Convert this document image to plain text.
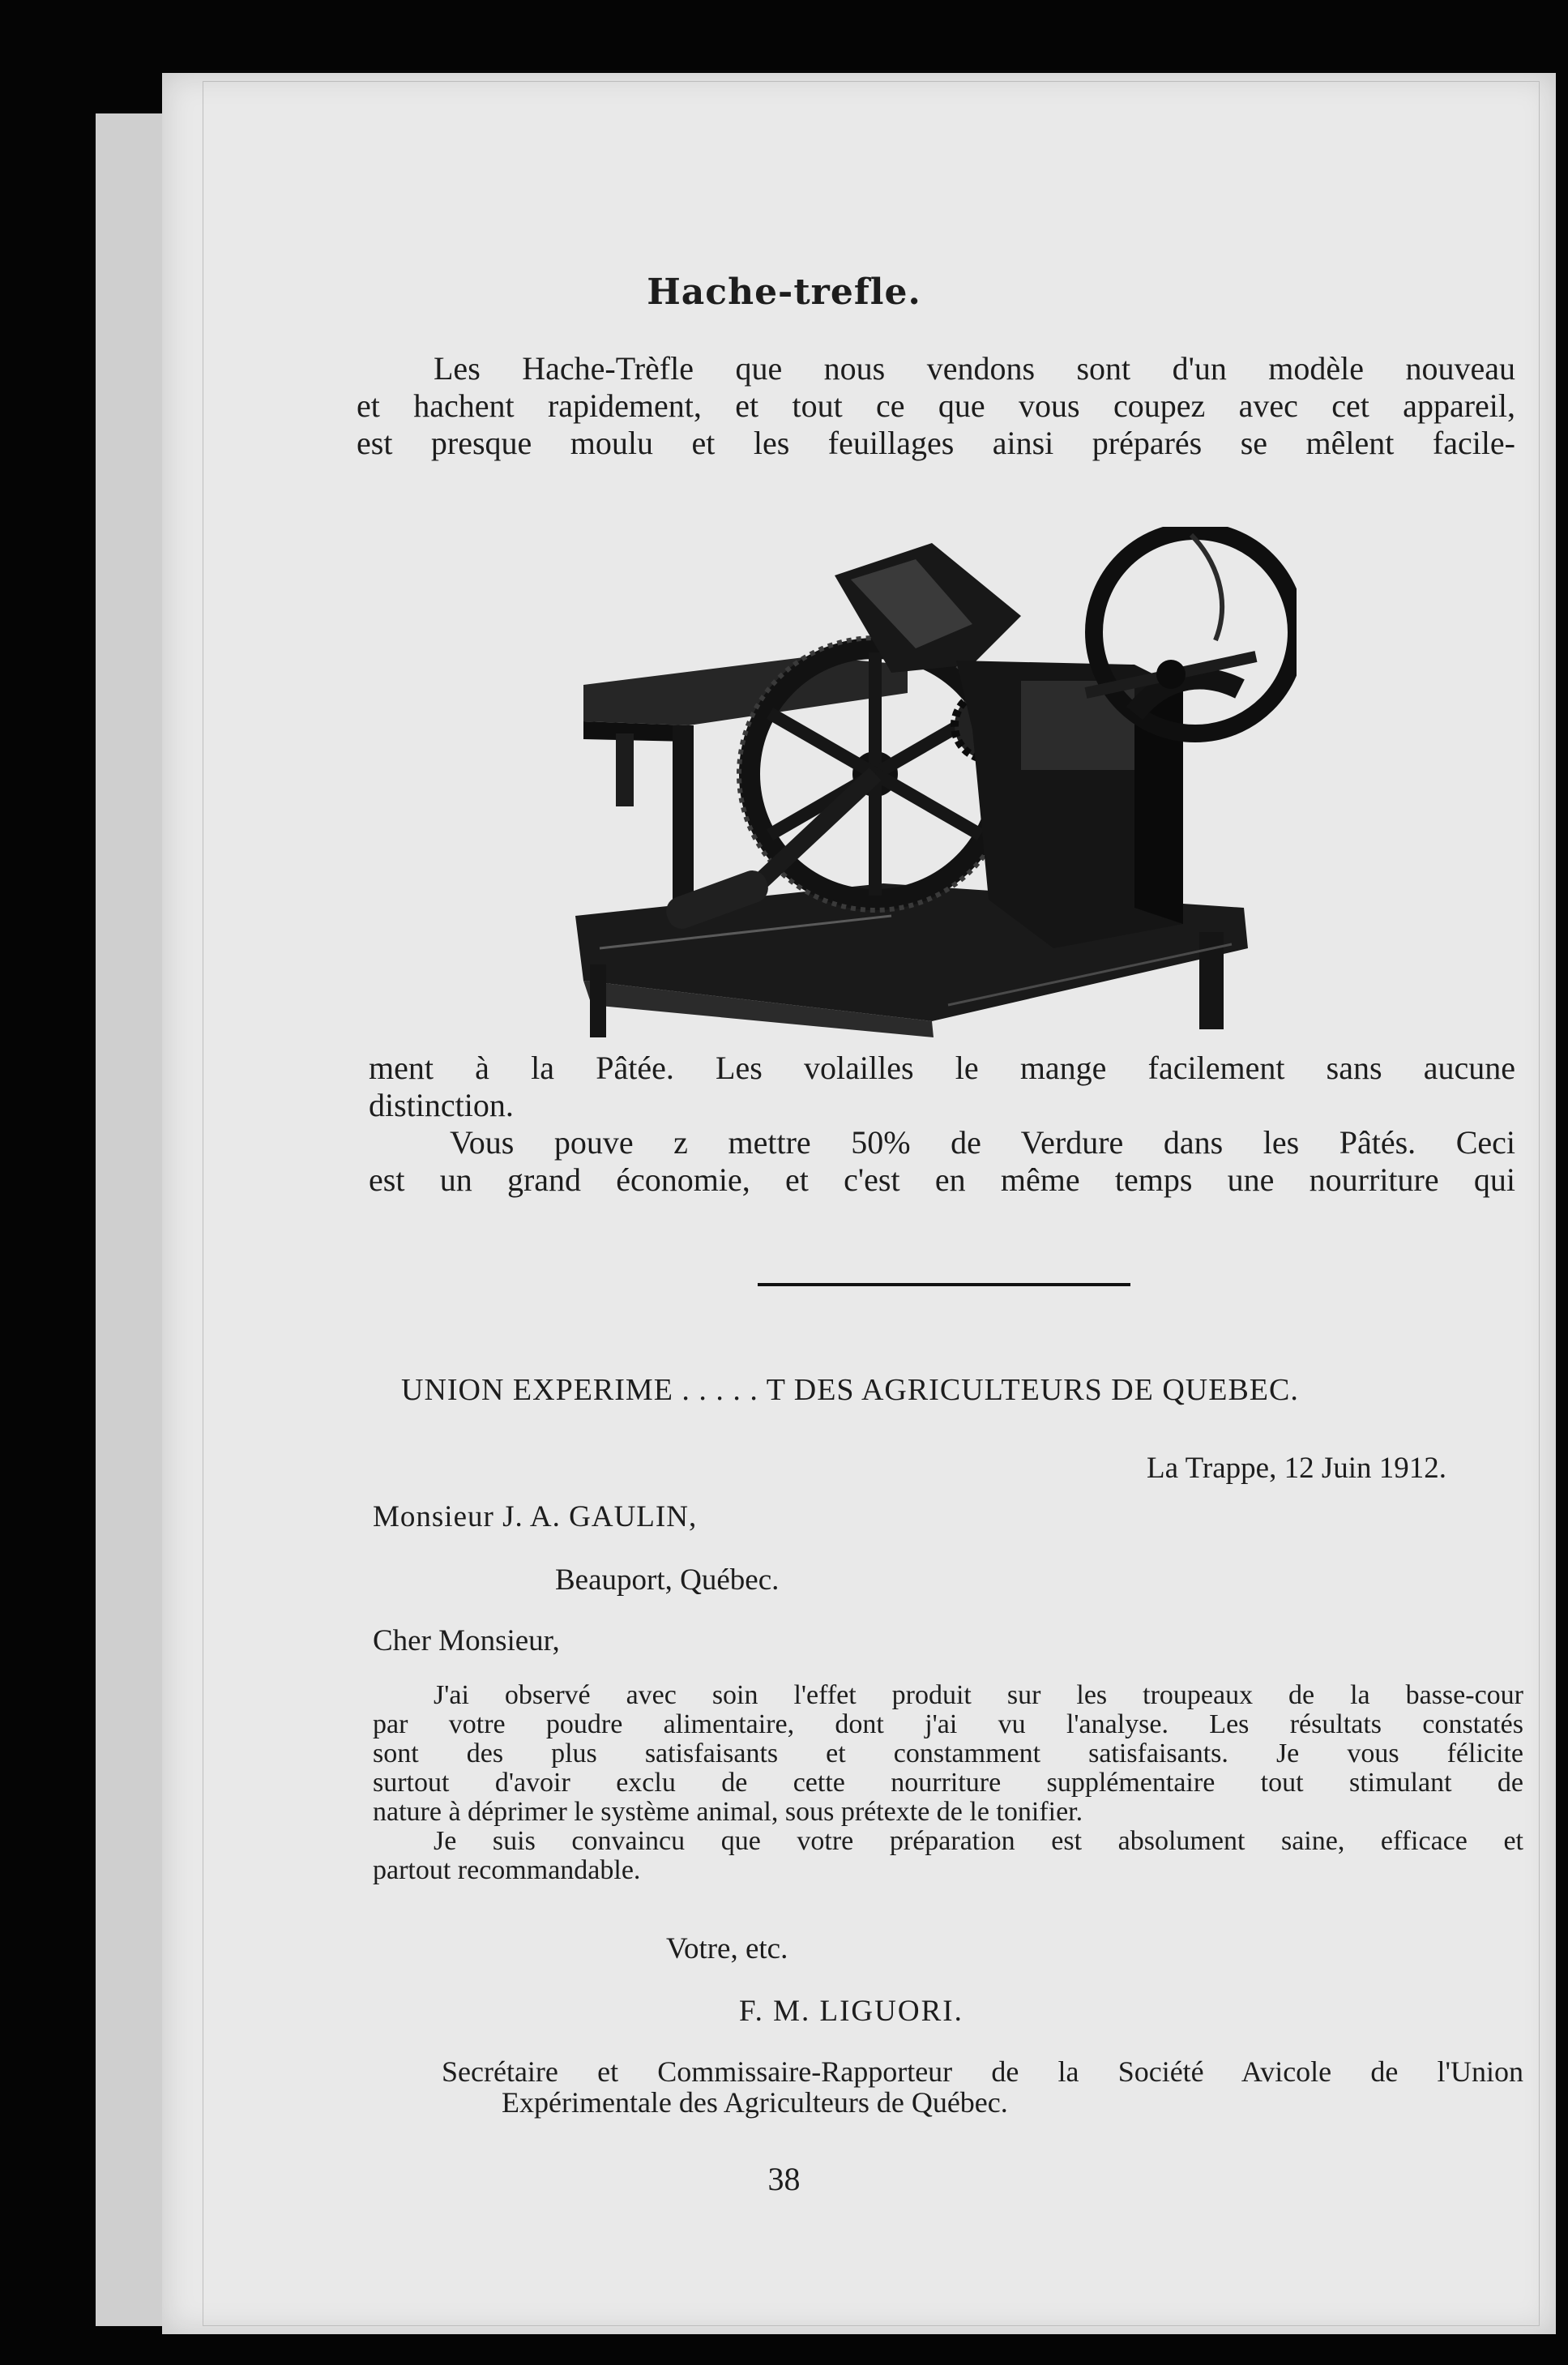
Hache-trefle.
Les Hache-Trèfle que nous vendons sont d'un modèle nouveau
et hachent rapidement, et tout ce que vous coupez avec cet appareil,
est presque moulu et les feuillages ainsi préparés se mêlent facile-
ment à la Pâtée. Les volailles le mange facilement sans aucune
distinction.
Vous pouve z mettre 50% de Verdure dans les Pâtés. Ceci
est un grand économie, et c'est en même temps une nourriture qui
UNION EXPERIME . . . . . T DES AGRICULTEURS DE QUEBEC.
La Trappe, 12 Juin 1912.
Monsieur J. A. GAULIN,
Beauport, Québec.
Cher Monsieur,
J'ai observé avec soin l'effet produit sur les troupeaux de la basse-cour
par votre poudre alimentaire, dont j'ai vu l'analyse. Les résultats constatés
sont des plus satisfaisants et constamment satisfaisants. Je vous félicite
surtout d'avoir exclu de cette nourriture supplémentaire tout stimulant de
nature à déprimer le système animal, sous prétexte de le tonifier.
Je suis convaincu que votre préparation est absolument saine, efficace et
partout recommandable.
Votre, etc.
F. M. LIGUORI.
Secrétaire et Commissaire-Rapporteur de la Société Avicole de l'Union
Expérimentale des Agriculteurs de Québec.
38
